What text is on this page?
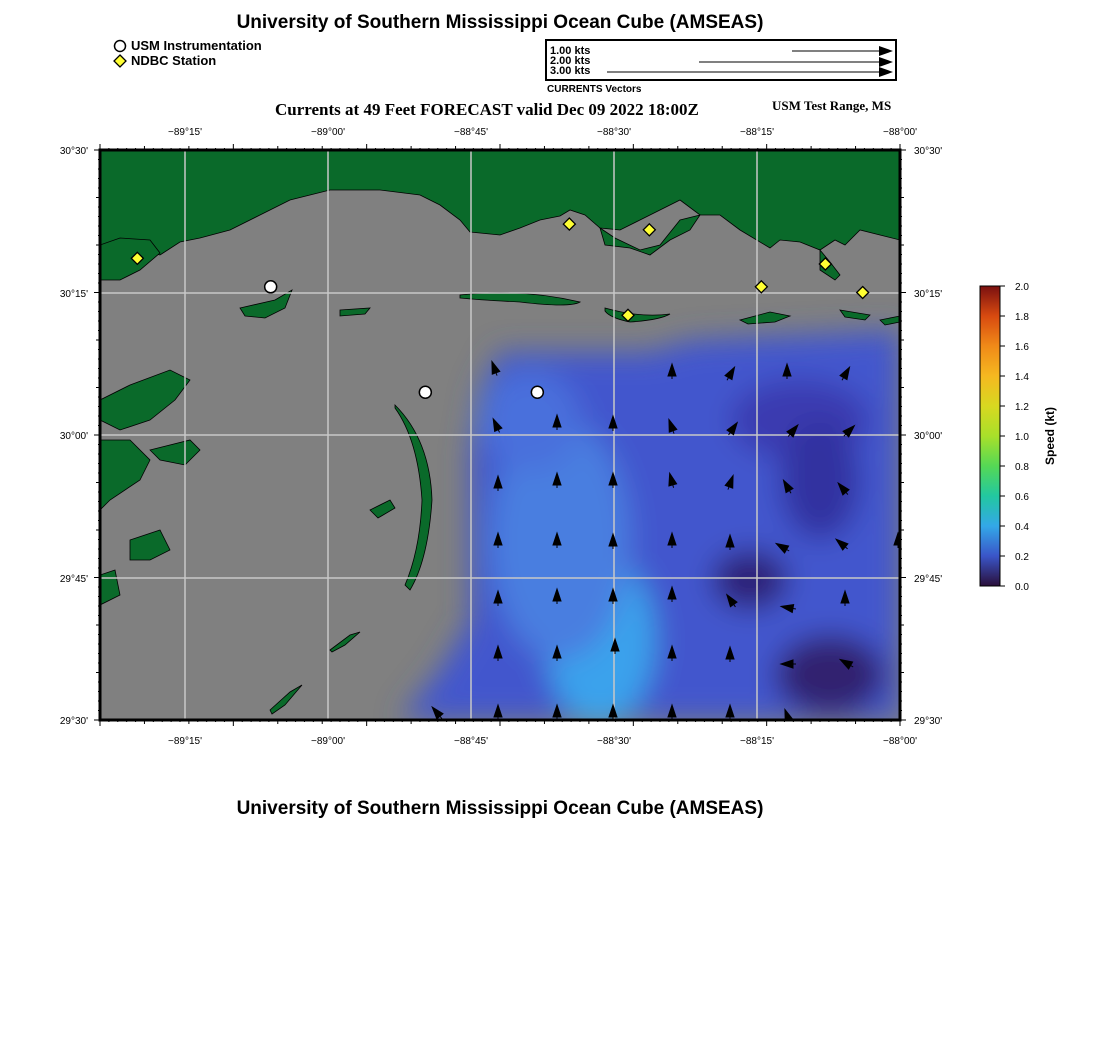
University of Southern Mississippi Ocean Cube (AMSEAS)
USM Instrumentation
NDBC Station
1.00 kts
2.00 kts
3.00 kts
CURRENTS Vectors
Currents at 49 Feet FORECAST valid Dec 09 2022 18:00Z	USM Test Range, MS
−89°15'	−89°00'	−88°45'	−88°30'	−88°15'	−88°00'
−89°15'	−89°00'	−88°45'	−88°30'	−88°15'	−88°00'
30°30'
30°15'
30°00'
29°45'
29°30'
30°30'
30°15'
30°00'
29°45'
29°30'
2.0
1.8
1.6
1.4
1.2
1.0
0.8
0.6
0.4
0.2
0.0
Speed (kt)
University of Southern Mississippi Ocean Cube (AMSEAS)
